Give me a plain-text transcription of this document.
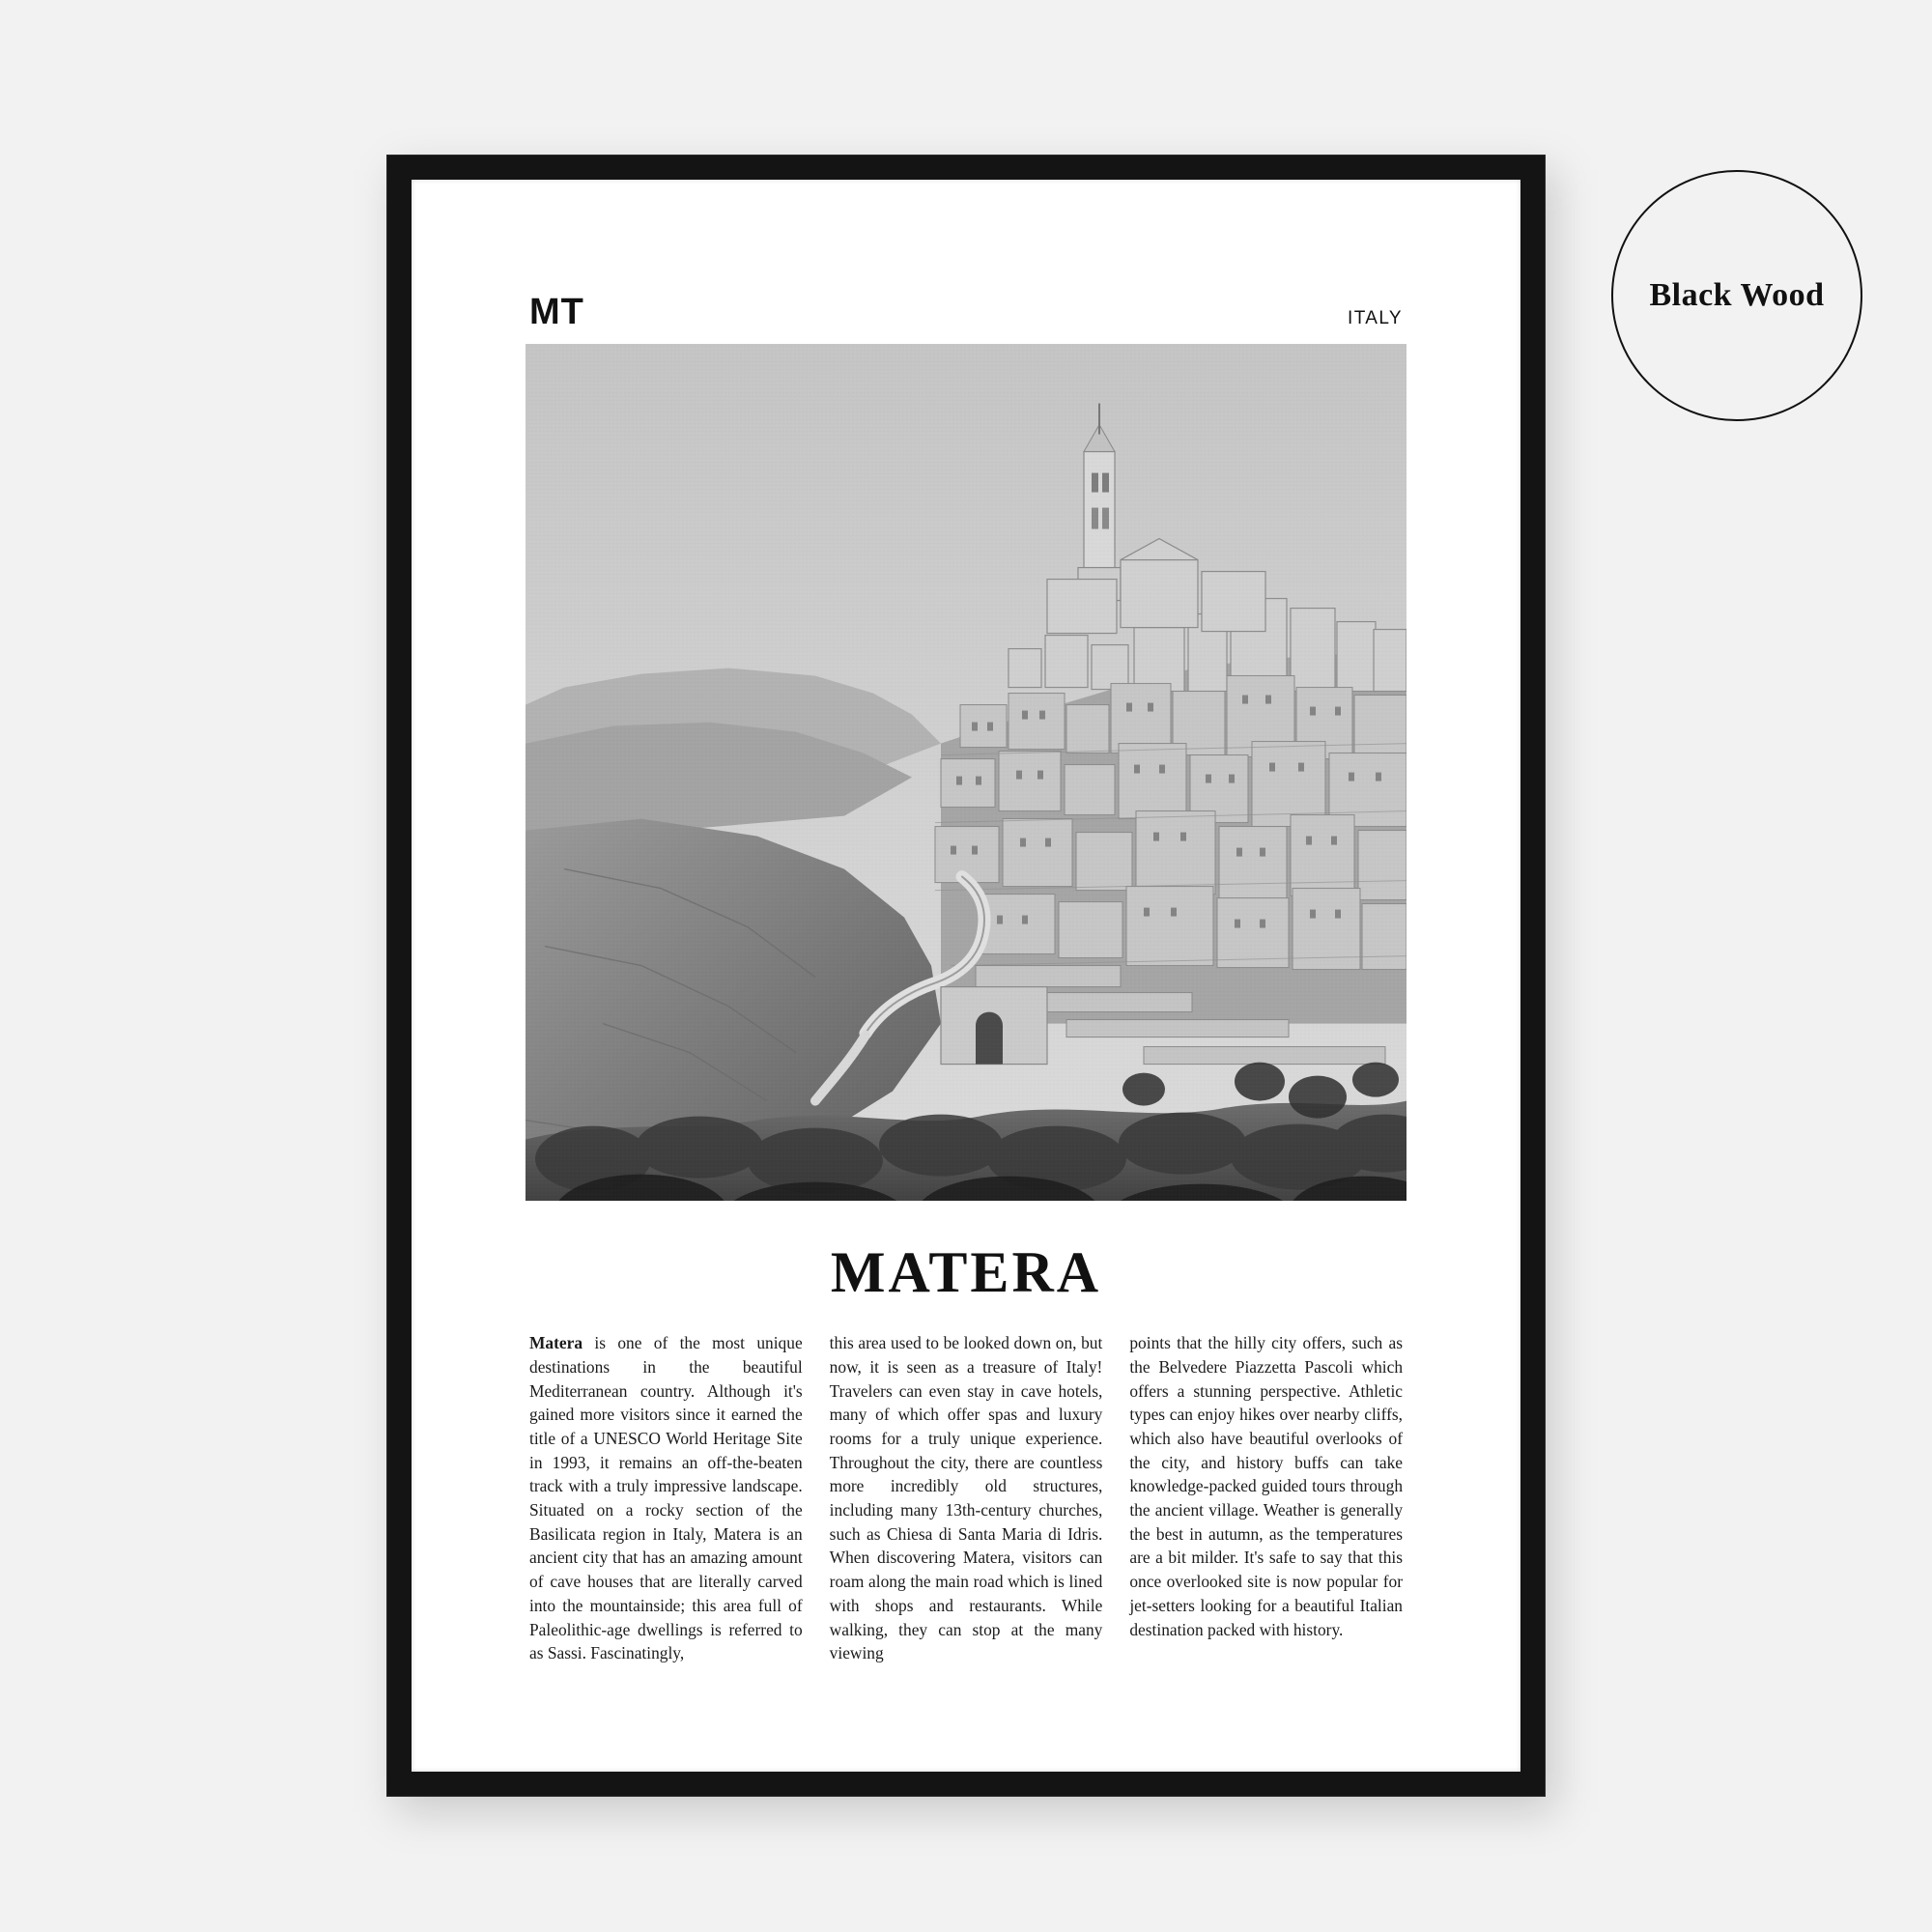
MT	ITALY
MATERA
Matera is one of the most unique destinations in the beautiful Mediterranean country. Although it's gained more visitors since it earned the title of a UNESCO World Heritage Site in 1993, it remains an off-the-beaten track with a truly impressive landscape. Situated on a rocky section of the Basilicata region in Italy, Matera is an ancient city that has an amazing amount of cave houses that are literally carved into the mountainside; this area full of Paleolithic-age dwellings is referred to as Sassi. Fascinatingly,
this area used to be looked down on, but now, it is seen as a treasure of Italy! Travelers can even stay in cave hotels, many of which offer spas and luxury rooms for a truly unique experience. Throughout the city, there are countless more incredibly old structures, including many 13th-century churches, such as Chiesa di Santa Maria di Idris. When discovering Matera, visitors can roam along the main road which is lined with shops and restaurants. While walking, they can stop at the many viewing
points that the hilly city offers, such as the Belvedere Piazzetta Pascoli which offers a stunning perspective. Athletic types can enjoy hikes over nearby cliffs, which also have beautiful overlooks of the city, and history buffs can take knowledge-packed guided tours through the ancient village. Weather is generally the best in autumn, as the temperatures are a bit milder. It's safe to say that this once overlooked site is now popular for jet-setters looking for a beautiful Italian destination packed with history.
Black Wood
